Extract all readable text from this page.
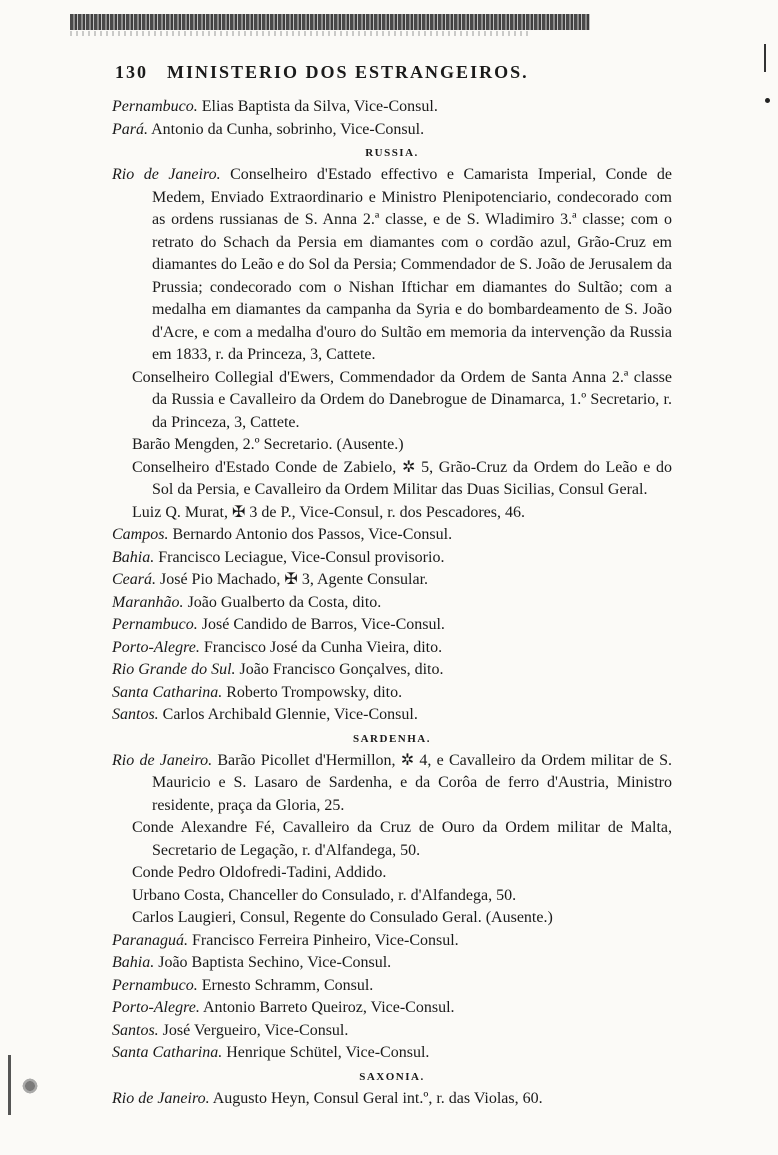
130	MINISTERIO DOS ESTRANGEIROS.
Pernambuco. Elias Baptista da Silva, Vice-Consul.
Pará. Antonio da Cunha, sobrinho, Vice-Consul.
RUSSIA.
Rio de Janeiro. Conselheiro d'Estado effectivo e Camarista Imperial, Conde de Medem, Enviado Extraordinario e Ministro Plenipotenciario, condecorado com as ordens russianas de S. Anna 2.ª classe, e de S. Wladimiro 3.ª classe; com o retrato do Schach da Persia em diamantes com o cordão azul, Grão-Cruz em diamantes do Leão e do Sol da Persia; Commendador de S. João de Jerusalem da Prussia; condecorado com o Nishan Iftichar em diamantes do Sultão; com a medalha em diamantes da campanha da Syria e do bombardeamento de S. João d'Acre, e com a medalha d'ouro do Sultão em memoria da intervenção da Russia em 1833, r. da Princeza, 3, Cattete.
Conselheiro Collegial d'Ewers, Commendador da Ordem de Santa Anna 2.ª classe da Russia e Cavalleiro da Ordem do Danebrogue de Dinamarca, 1.º Secretario, r. da Princeza, 3, Cattete.
Barão Mengden, 2.º Secretario. (Ausente.)
Conselheiro d'Estado Conde de Zabielo, ✲ 5, Grão-Cruz da Ordem do Leão e do Sol da Persia, e Cavalleiro da Ordem Militar das Duas Sicilias, Consul Geral.
Luiz Q. Murat, ✠ 3 de P., Vice-Consul, r. dos Pescadores, 46.
Campos. Bernardo Antonio dos Passos, Vice-Consul.
Bahia. Francisco Leciague, Vice-Consul provisorio.
Ceará. José Pio Machado, ✠ 3, Agente Consular.
Maranhão. João Gualberto da Costa, dito.
Pernambuco. José Candido de Barros, Vice-Consul.
Porto-Alegre. Francisco José da Cunha Vieira, dito.
Rio Grande do Sul. João Francisco Gonçalves, dito.
Santa Catharina. Roberto Trompowsky, dito.
Santos. Carlos Archibald Glennie, Vice-Consul.
SARDENHA.
Rio de Janeiro. Barão Picollet d'Hermillon, ✲ 4, e Cavalleiro da Ordem militar de S. Mauricio e S. Lasaro de Sardenha, e da Corôa de ferro d'Austria, Ministro residente, praça da Gloria, 25.
Conde Alexandre Fé, Cavalleiro da Cruz de Ouro da Ordem militar de Malta, Secretario de Legação, r. d'Alfandega, 50.
Conde Pedro Oldofredi-Tadini, Addido.
Urbano Costa, Chanceller do Consulado, r. d'Alfandega, 50.
Carlos Laugieri, Consul, Regente do Consulado Geral. (Ausente.)
Paranaguá. Francisco Ferreira Pinheiro, Vice-Consul.
Bahia. João Baptista Sechino, Vice-Consul.
Pernambuco. Ernesto Schramm, Consul.
Porto-Alegre. Antonio Barreto Queiroz, Vice-Consul.
Santos. José Vergueiro, Vice-Consul.
Santa Catharina. Henrique Schütel, Vice-Consul.
SAXONIA.
Rio de Janeiro. Augusto Heyn, Consul Geral int.º, r. das Violas, 60.
